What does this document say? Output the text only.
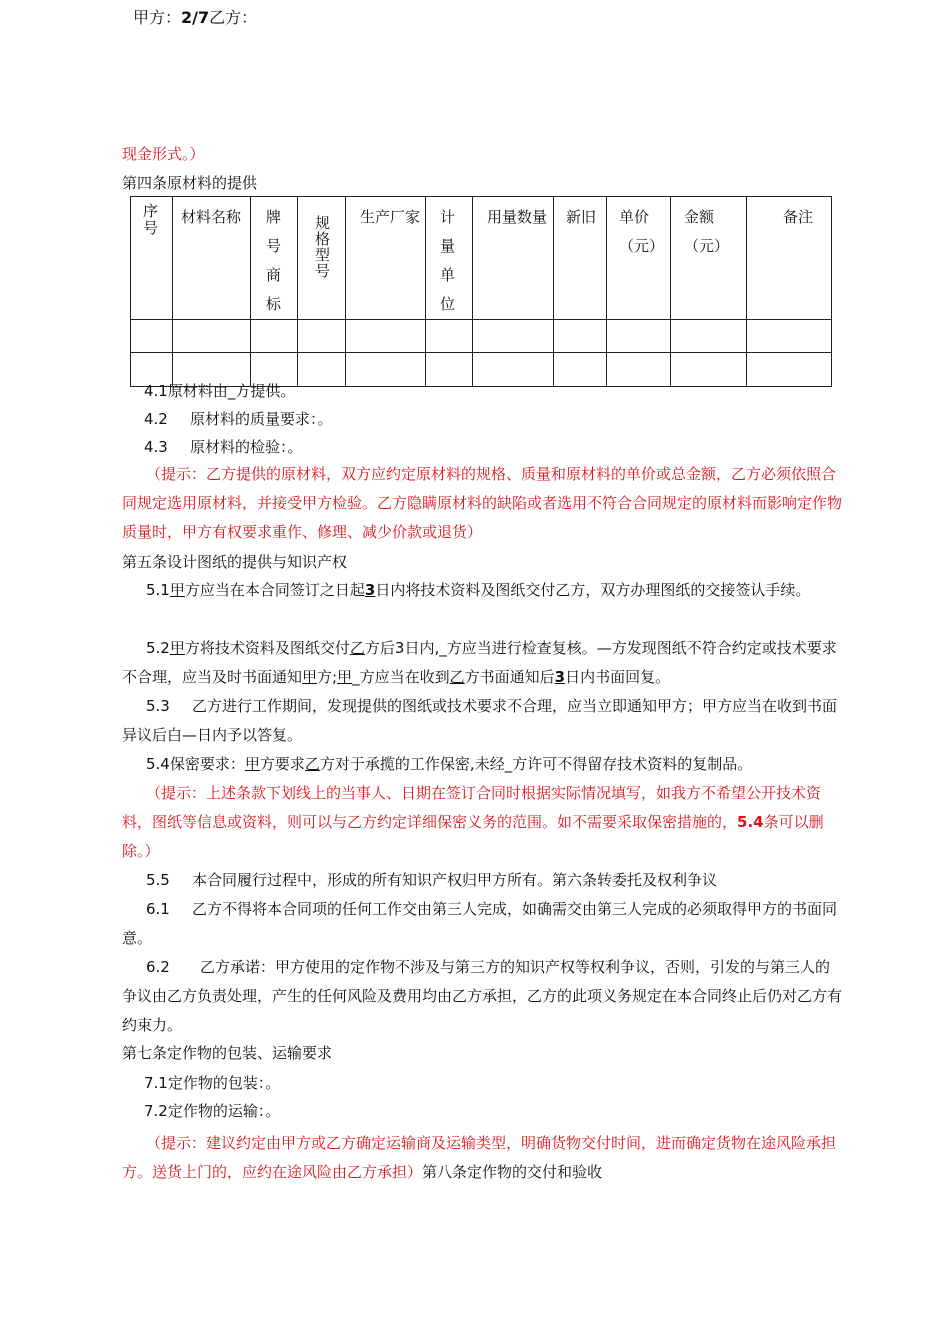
甲方：2/7乙方：
现金形式。）
第四条原材料的提供
序号	材料名称	牌号商标	规格型号	生产厂家	计量单位	用量数量	新旧	单价（元）	金额（元）	备注

4.1原材料由_方提供。
4.2 原材料的质量要求：。
4.3 原材料的检验：。
（提示：乙方提供的原材料，双方应约定原材料的规格、质量和原材料的单价或总金额，乙方必须依照合同规定选用原材料，并接受甲方检验。乙方隐瞒原材料的缺陷或者选用不符合合同规定的原材料而影响定作物质量时，甲方有权要求重作、修理、减少价款或退货）
第五条设计图纸的提供与知识产权
5.1甲方应当在本合同签订之日起3日内将技术资料及图纸交付乙方，双方办理图纸的交接签认手续。
5.2甲方将技术资料及图纸交付乙方后3日内,_方应当进行检查复核。—方发现图纸不符合约定或技术要求不合理，应当及时书面通知甲方;甲_方应当在收到乙方书面通知后3日内书面回复。
5.3 乙方进行工作期间，发现提供的图纸或技术要求不合理，应当立即通知甲方；甲方应当在收到书面异议后白—日内予以答复。
5.4保密要求：甲方要求乙方对于承揽的工作保密,未经_方许可不得留存技术资料的复制品。
（提示：上述条款下划线上的当事人、日期在签订合同时根据实际情况填写，如我方不希望公开技术资料，图纸等信息或资料，则可以与乙方约定详细保密义务的范围。如不需要采取保密措施的，5.4条可以删除。）
5.5 本合同履行过程中，形成的所有知识产权归甲方所有。第六条转委托及权利争议
6.1 乙方不得将本合同项的任何工作交由第三人完成，如确需交由第三人完成的必须取得甲方的书面同意。
6.2 乙方承诺：甲方使用的定作物不涉及与第三方的知识产权等权利争议，否则，引发的与第三人的争议由乙方负责处理，产生的任何风险及费用均由乙方承担，乙方的此项义务规定在本合同终止后仍对乙方有约束力。
第七条定作物的包装、运输要求
7.1定作物的包装：。
7.2定作物的运输：。
（提示：建议约定由甲方或乙方确定运输商及运输类型，明确货物交付时间，进而确定货物在途风险承担方。送货上门的，应约在途风险由乙方承担）第八条定作物的交付和验收
